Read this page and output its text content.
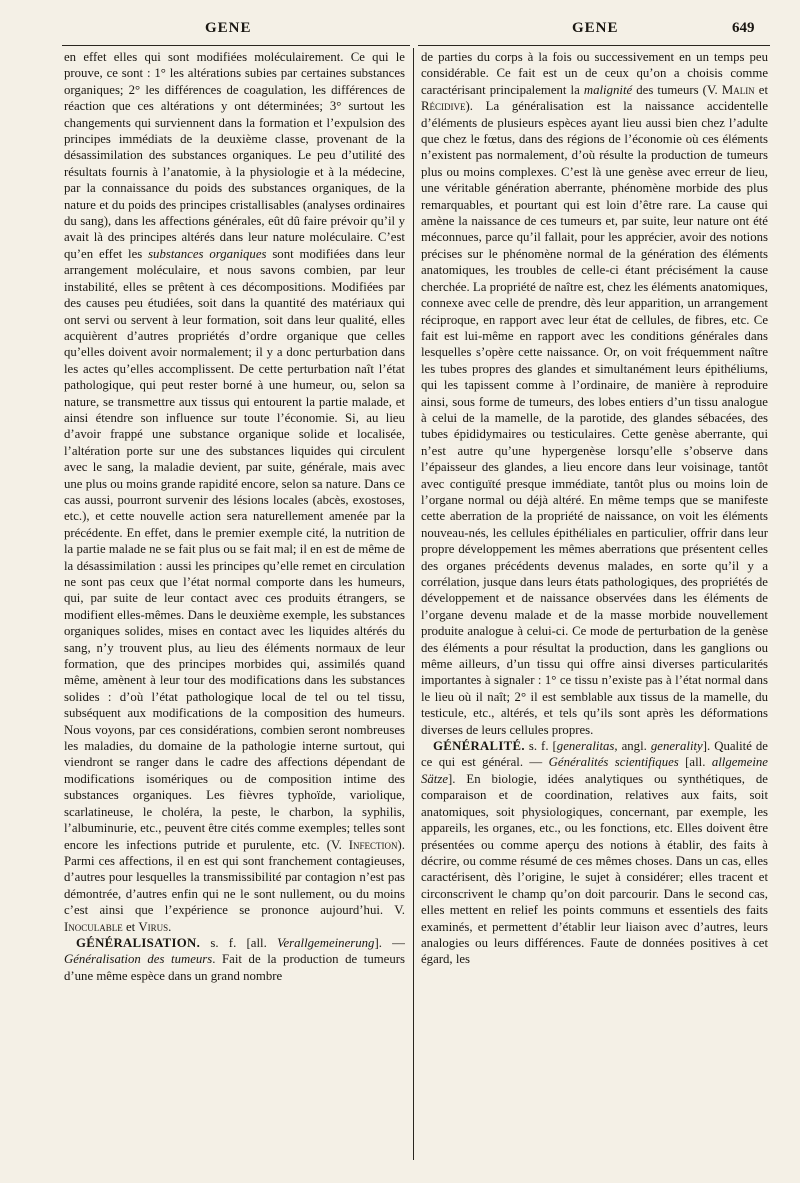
GENE	GENE	649

en effet elles qui sont modifiées moléculairement. Ce qui le prouve, ce sont : 1° les altérations subies par certaines substances organiques; 2° les différences de coagulation, les différences de réaction que ces altérations y ont déterminées; 3° surtout les changements qui surviennent dans la formation et l’expulsion des principes immédiats de la deuxième classe, provenant de la désassimilation des substances organiques. Le peu d’utilité des résultats fournis à l’anatomie, à la physiologie et à la médecine, par la connaissance du poids des substances organiques, de la nature et du poids des principes cristallisables (analyses ordinaires du sang), dans les affections générales, eût dû faire prévoir qu’il y avait là des principes altérés dans leur nature moléculaire. C’est qu’en effet les substances organiques sont modifiées dans leur arrangement moléculaire, et nous savons combien, par leur instabilité, elles se prêtent à ces décompositions. Modifiées par des causes peu étudiées, soit dans la quantité des matériaux qui ont servi ou servent à leur formation, soit dans leur qualité, elles acquièrent d’autres propriétés d’ordre organique que celles qu’elles doivent avoir normalement; il y a donc perturbation dans les actes qu’elles accomplissent. De cette perturbation naît l’état pathologique, qui peut rester borné à une humeur, ou, selon sa nature, se transmettre aux tissus qui entourent la partie malade, et ainsi étendre son influence sur toute l’économie. Si, au lieu d’avoir frappé une substance organique solide et localisée, l’altération porte sur une des substances liquides qui circulent avec le sang, la maladie devient, par suite, générale, mais avec une plus ou moins grande rapidité encore, selon sa nature. Dans ce cas aussi, pourront survenir des lésions locales (abcès, exostoses, etc.), et cette nouvelle action sera naturellement amenée par la précédente. En effet, dans le premier exemple cité, la nutrition de la partie malade ne se fait plus ou se fait mal; il en est de même de la désassimilation : aussi les principes qu’elle remet en circulation ne sont pas ceux que l’état normal comporte dans les humeurs, qui, par suite de leur contact avec ces produits étrangers, se modifient elles-mêmes. Dans le deuxième exemple, les substances organiques solides, mises en contact avec les liquides altérés du sang, n’y trouvent plus, au lieu des éléments normaux de leur formation, que des principes morbides qui, assimilés quand même, amènent à leur tour des modifications dans les substances solides : d’où l’état pathologique local de tel ou tel tissu, subséquent aux modifications de la composition des humeurs. Nous voyons, par ces considérations, combien seront nombreuses les maladies, du domaine de la pathologie interne surtout, qui viendront se ranger dans le cadre des affections dépendant de modifications isomériques ou de composition intime des substances organiques. Les fièvres typhoïde, variolique, scarlatineuse, le choléra, la peste, le charbon, la syphilis, l’albuminurie, etc., peuvent être cités comme exemples; telles sont encore les infections putride et purulente, etc. (V. Infection). Parmi ces affections, il en est qui sont franchement contagieuses, d’autres pour lesquelles la transmissibilité par contagion n’est pas démontrée, d’autres enfin qui ne le sont nullement, ou du moins c’est ainsi que l’expérience se prononce aujourd’hui. V. Inoculable et Virus.

GÉNÉRALISATION. s. f. [all. Verallgemeinerung]. — Généralisation des tumeurs. Fait de la production de tumeurs d’une même espèce dans un grand nombre

de parties du corps à la fois ou successivement en un temps peu considérable. Ce fait est un de ceux qu’on a choisis comme caractérisant principalement la malignité des tumeurs (V. Malin et Récidive). La généralisation est la naissance accidentelle d’éléments de plusieurs espèces ayant lieu aussi bien chez l’adulte que chez le fœtus, dans des régions de l’économie où ces éléments n’existent pas normalement, d’où résulte la production de tumeurs plus ou moins complexes. C’est là une genèse avec erreur de lieu, une véritable génération aberrante, phénomène morbide des plus remarquables, et pourtant qui est loin d’être rare. La cause qui amène la naissance de ces tumeurs et, par suite, leur nature ont été méconnues, parce qu’il fallait, pour les apprécier, avoir des notions précises sur le phénomène normal de la génération des éléments anatomiques, les troubles de celle-ci étant précisément la cause cherchée. La propriété de naître est, chez les éléments anatomiques, connexe avec celle de prendre, dès leur apparition, un arrangement réciproque, en rapport avec leur état de cellules, de fibres, etc. Ce fait est lui-même en rapport avec les conditions générales dans lesquelles s’opère cette naissance. Or, on voit fréquemment naître les tubes propres des glandes et simultanément leurs épithéliums, qui les tapissent comme à l’ordinaire, de manière à reproduire ainsi, sous forme de tumeurs, des lobes entiers d’un tissu analogue à celui de la mamelle, de la parotide, des glandes sébacées, des tubes épididymaires ou testiculaires. Cette genèse aberrante, qui n’est autre qu’une hypergenèse lorsqu’elle s’observe dans l’épaisseur des glandes, a lieu encore dans leur voisinage, tantôt avec contiguïté presque immédiate, tantôt plus ou moins loin de l’organe normal ou déjà altéré. En même temps que se manifeste cette aberration de la propriété de naissance, on voit les éléments nouveau-nés, les cellules épithéliales en particulier, offrir dans leur propre développement les mêmes aberrations que présentent celles des organes précédents devenus malades, en sorte qu’il y a corrélation, jusque dans leurs états pathologiques, des propriétés de développement et de naissance observées dans les éléments de l’organe devenu malade et de la masse morbide nouvellement produite analogue à celui-ci. Ce mode de perturbation de la genèse des éléments a pour résultat la production, dans les ganglions ou même ailleurs, d’un tissu qui offre ainsi diverses particularités importantes à signaler : 1° ce tissu n’existe pas à l’état normal dans le lieu où il naît; 2° il est semblable aux tissus de la mamelle, du testicule, etc., altérés, et tels qu’ils sont après les déformations diverses de leurs cellules propres.

GÉNÉRALITÉ. s. f. [generalitas, angl. generality]. Qualité de ce qui est général. — Généralités scientifiques [all. allgemeine Sätze]. En biologie, idées analytiques ou synthétiques, de comparaison et de coordination, relatives aux faits, soit anatomiques, soit physiologiques, concernant, par exemple, les appareils, les organes, etc., ou les fonctions, etc. Elles doivent être présentées ou comme aperçu des notions à établir, des faits à décrire, ou comme résumé de ces mêmes choses. Dans un cas, elles caractérisent, dès l’origine, le sujet à considérer; elles tracent et circonscrivent le champ qu’on doit parcourir. Dans le second cas, elles mettent en relief les points communs et essentiels des faits examinés, et permettent d’établir leur liaison avec d’autres, leurs analogies ou leurs différences. Faute de données positives à cet égard, les
